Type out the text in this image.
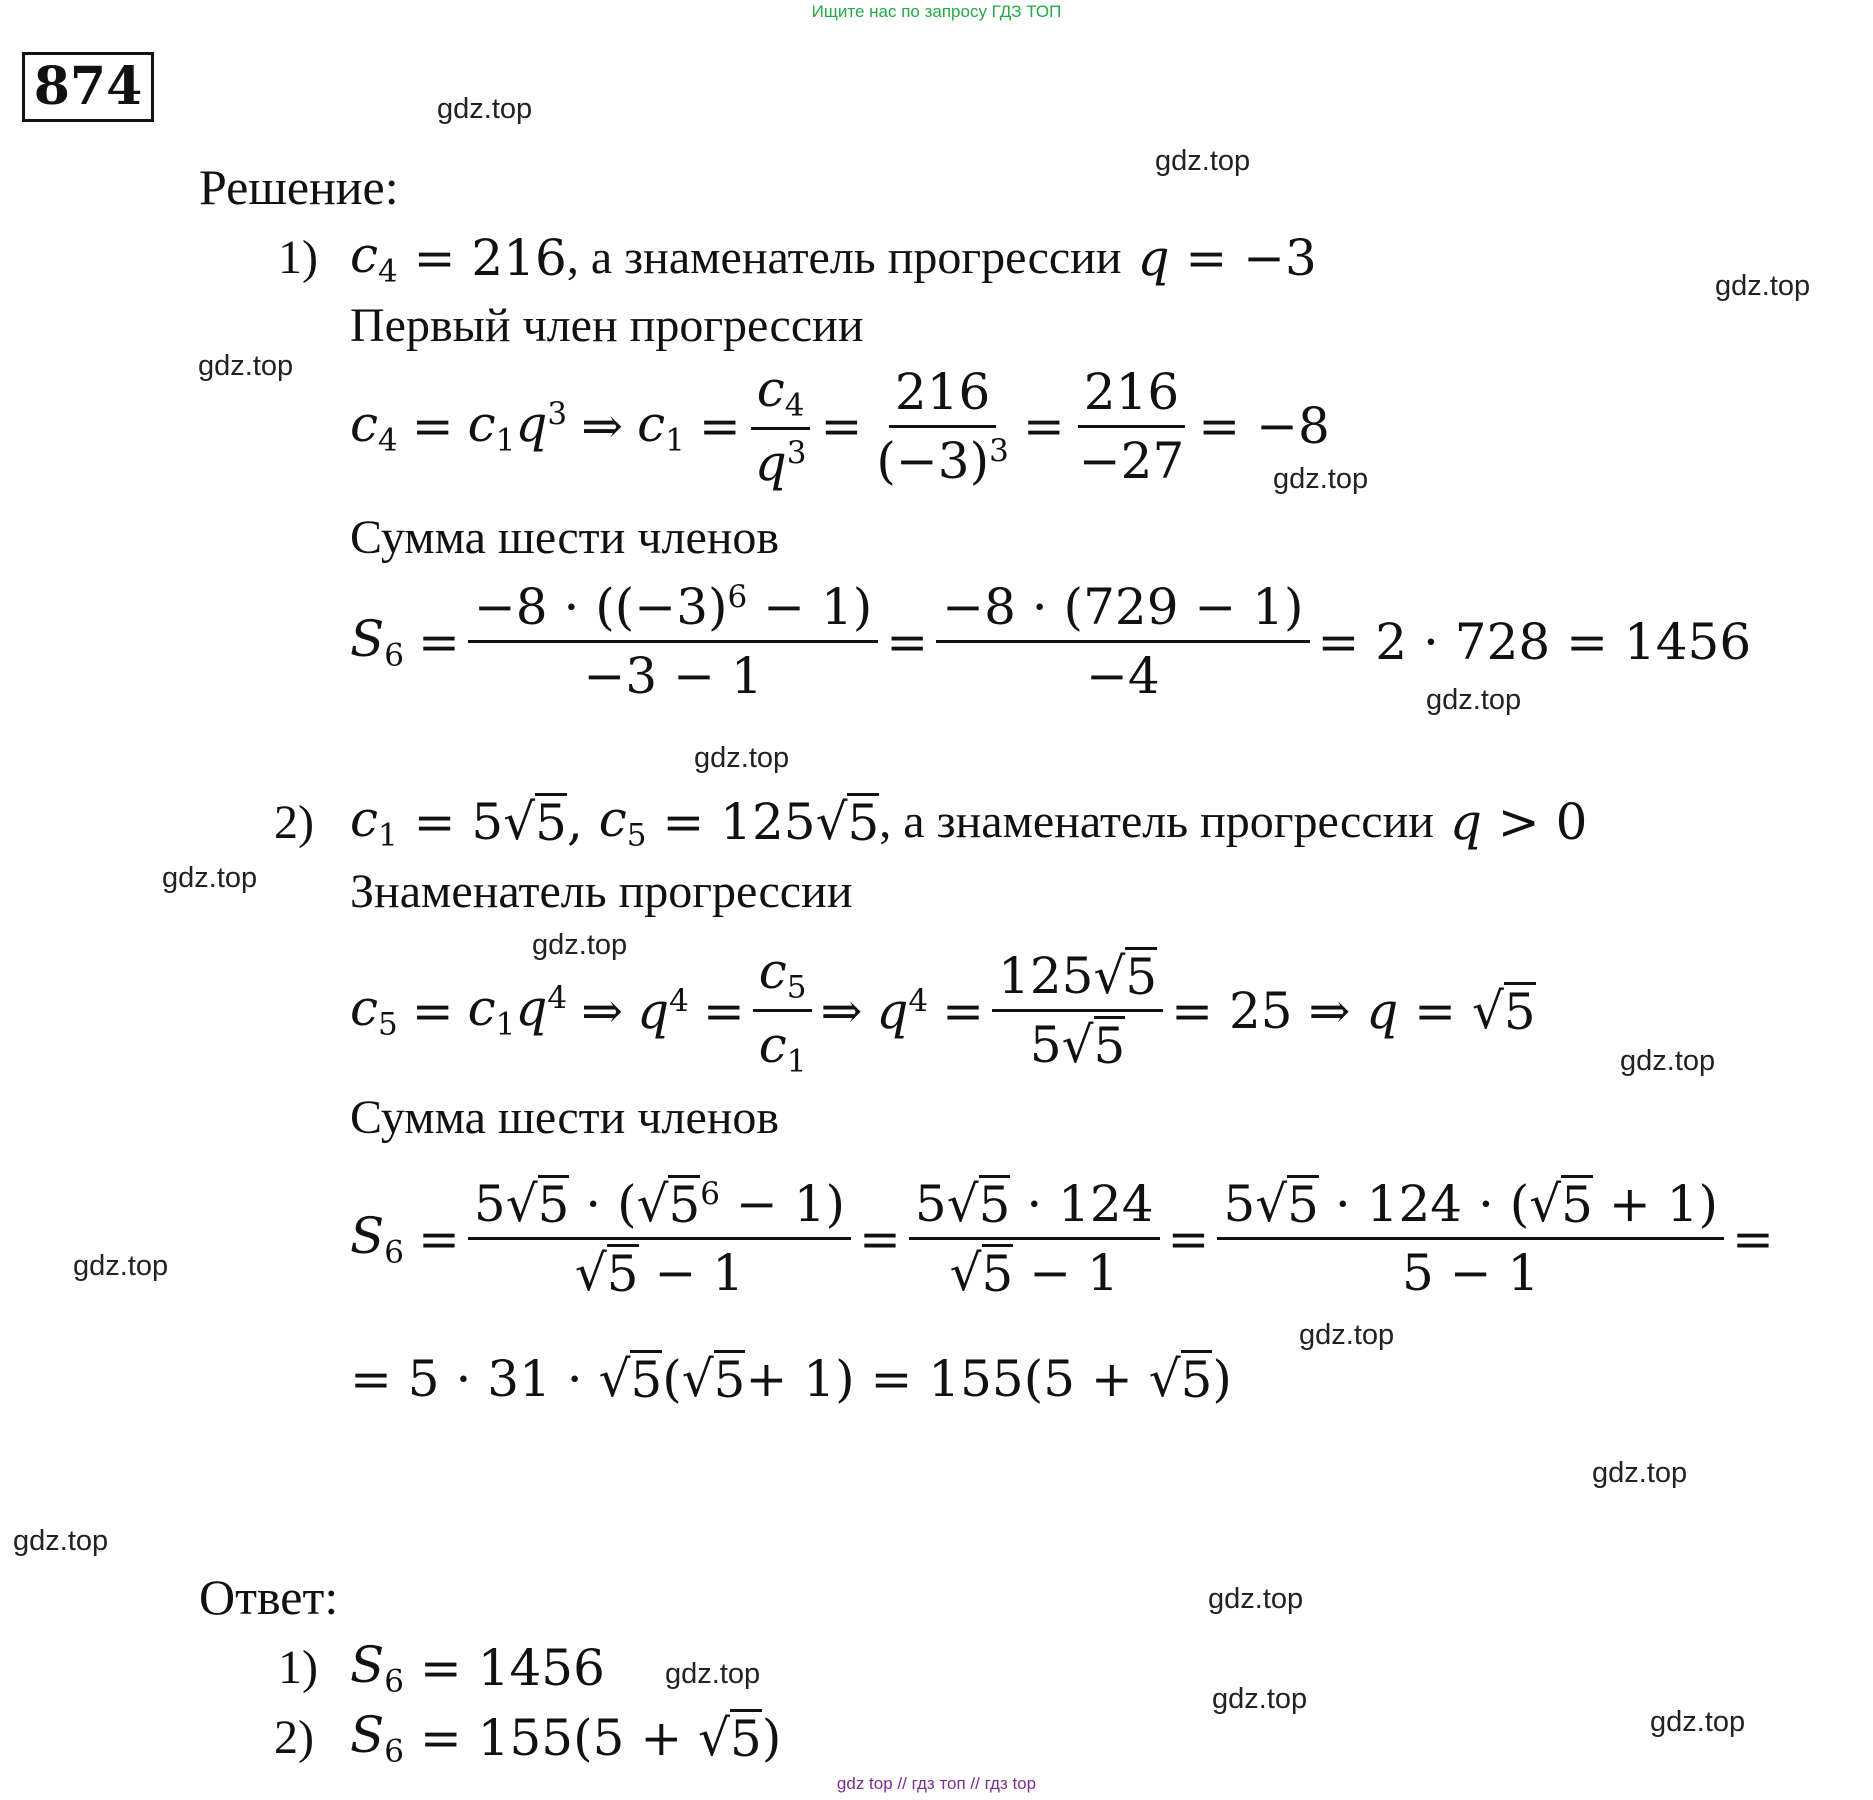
Ищите нас по запросу ГДЗ ТОП
874	gdz.top
gdz.top
gdz.top
gdz.top
gdz.top
gdz.top
gdz.top
gdz.top
gdz.top
gdz.top
gdz.top
gdz.top
gdz.top
gdz.top
gdz.top
gdz.top
Решение:
1) $c_4 = 216$ , а знаменатель прогрессии
q = −3
Первый член прогрессии
$c_4 = c_1q^3$ ⇒ $c_1 = \frac{c_4}{q^3} = \frac{216}{(-3)^3} = \frac{216}{-27} = -8$
Сумма шести членов
$S_6 = \frac{-8 \cdot ((-3)^6 - 1)}{-3 - 1} = \frac{-8 \cdot (729 - 1)}{-4} = 2 \cdot 728 = 1456$
2) $c_1 = 5$ √ 5 , $c_5 = 125$ √ 5 , а знаменатель прогрессии
q > 0
Знаменатель прогрессии
$c_5 = c_1q^4$ ⇒ $q^4 = \frac{c_5}{c_1}$ ⇒ $q^4 = \frac{125 √ 5}{5 √ 5} = 25$ ⇒ q = √ 5
Сумма шести членов
$S_6 = \frac{5 √ 5 \cdot ( √ 5 ^6 - 1)}{√ 5 - 1} = \frac{5 √ 5 \cdot 124}{√ 5 - 1} = \frac{5 √ 5 \cdot 124 \cdot ( √ 5 + 1)}{5 - 1}$ =
= 5 · 31 · √ 5 ( √ 5 + 1) = 155(5 + √ 5 )
Ответ:
1) $S_6 = 1456$
2) $S_6 = 155(5$ + √ 5 )
gdz.top
gdz.top
gdz top // гдз топ // гдз top
